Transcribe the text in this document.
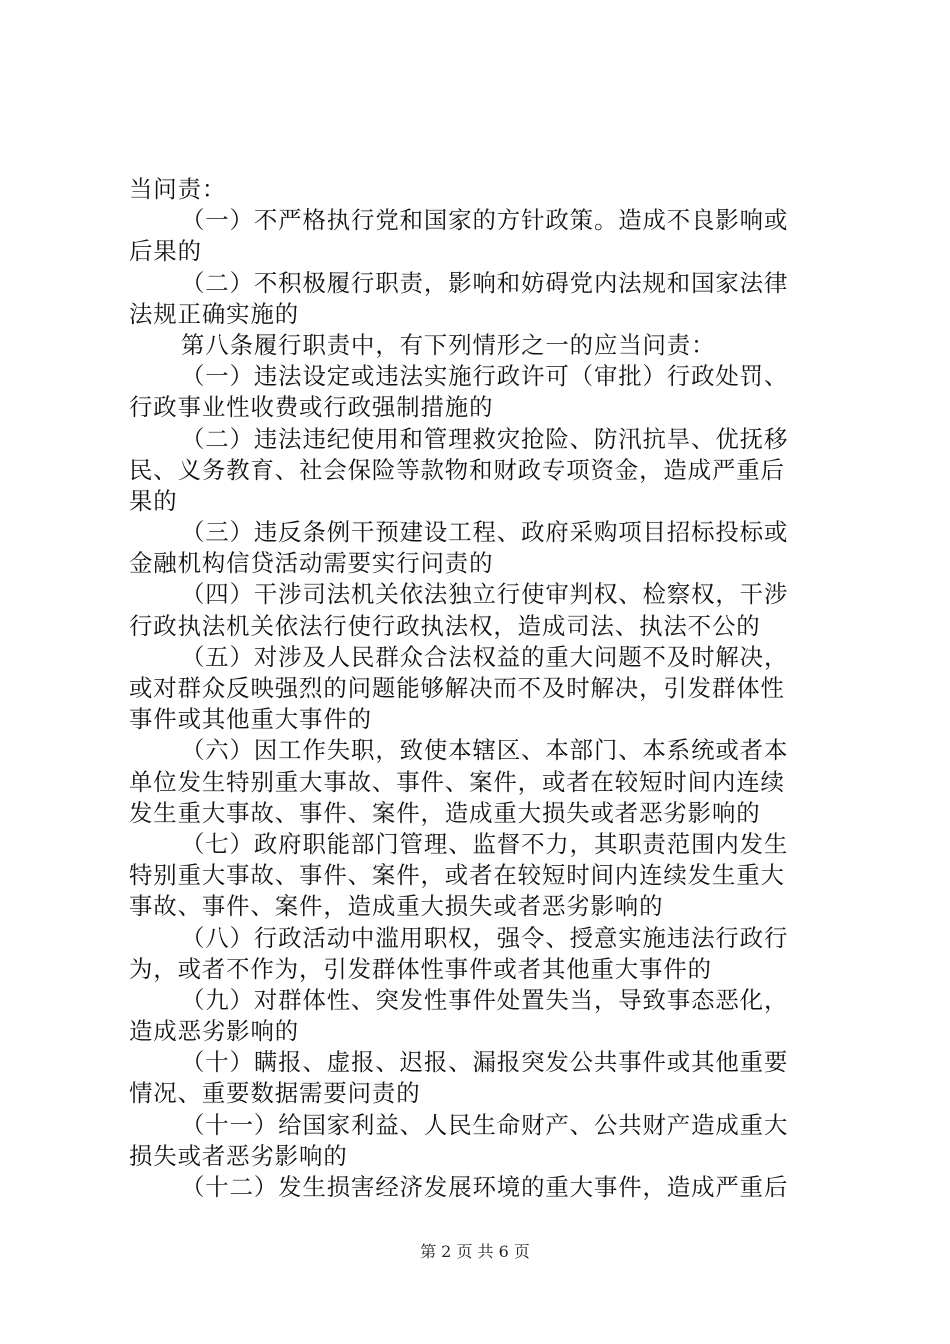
当问责：
（一）不严格执行党和国家的方针政策。造成不良影响或
后果的
（二）不积极履行职责，影响和妨碍党内法规和国家法律
法规正确实施的
第八条履行职责中，有下列情形之一的应当问责：
（一）违法设定或违法实施行政许可（审批）行政处罚、
行政事业性收费或行政强制措施的
（二）违法违纪使用和管理救灾抢险、防汛抗旱、优抚移
民、义务教育、社会保险等款物和财政专项资金，造成严重后
果的
（三）违反条例干预建设工程、政府采购项目招标投标或
金融机构信贷活动需要实行问责的
（四）干涉司法机关依法独立行使审判权、检察权，干涉
行政执法机关依法行使行政执法权，造成司法、执法不公的
（五）对涉及人民群众合法权益的重大问题不及时解决，
或对群众反映强烈的问题能够解决而不及时解决，引发群体性
事件或其他重大事件的
（六）因工作失职，致使本辖区、本部门、本系统或者本
单位发生特别重大事故、事件、案件，或者在较短时间内连续
发生重大事故、事件、案件，造成重大损失或者恶劣影响的
（七）政府职能部门管理、监督不力，其职责范围内发生
特别重大事故、事件、案件，或者在较短时间内连续发生重大
事故、事件、案件，造成重大损失或者恶劣影响的
（八）行政活动中滥用职权，强令、授意实施违法行政行
为，或者不作为，引发群体性事件或者其他重大事件的
（九）对群体性、突发性事件处置失当，导致事态恶化，
造成恶劣影响的
（十）瞒报、虚报、迟报、漏报突发公共事件或其他重要
情况、重要数据需要问责的
（十一）给国家利益、人民生命财产、公共财产造成重大
损失或者恶劣影响的
（十二）发生损害经济发展环境的重大事件，造成严重后
第 2 页 共 6 页
